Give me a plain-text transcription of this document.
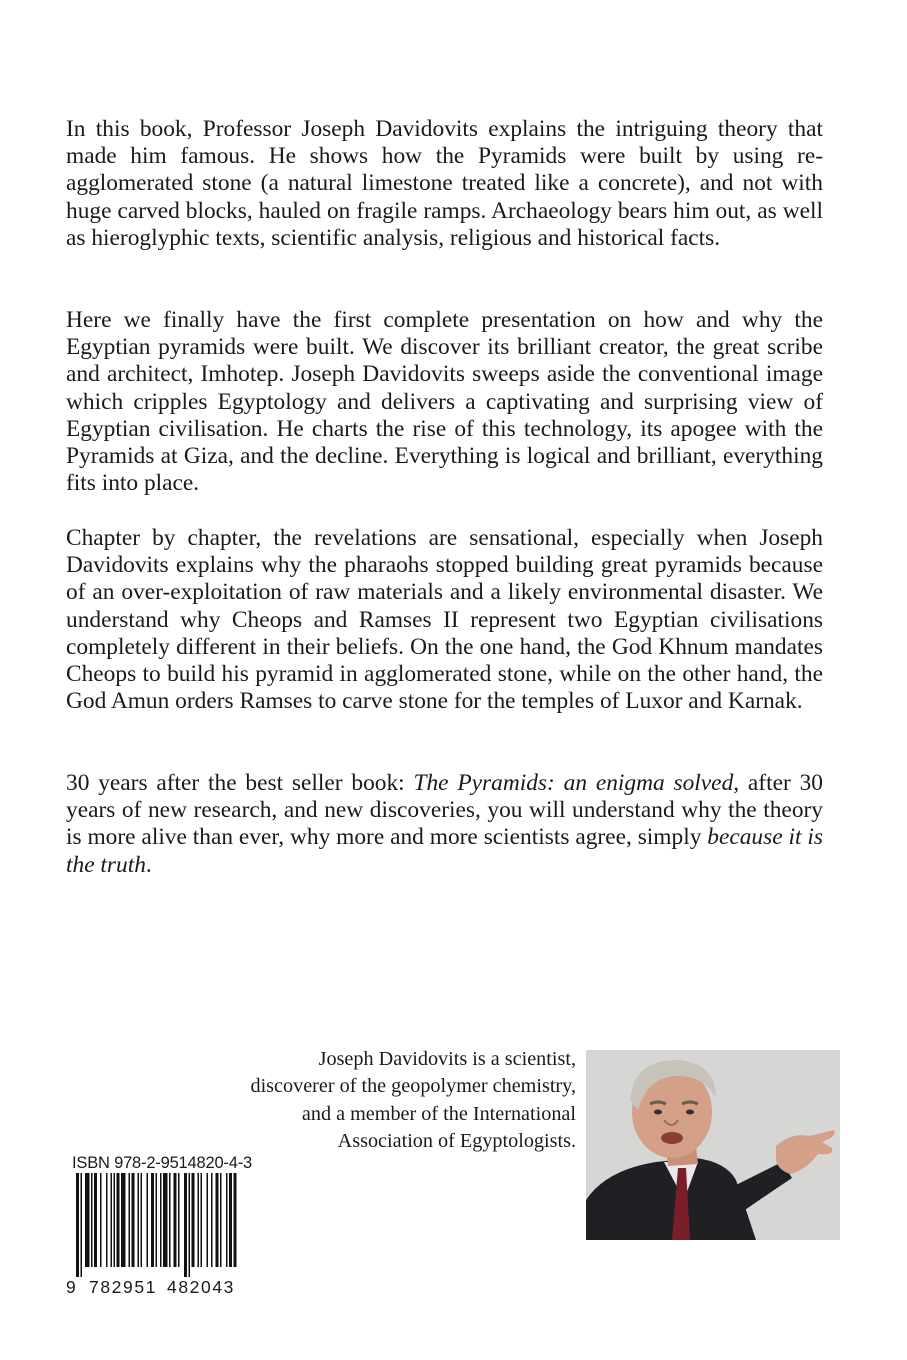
In this book, Professor Joseph Davidovits explains the intriguing theory that made him famous. He shows how the Pyramids were built by using re-agglomerated stone (a natural limestone treated like a concrete), and not with huge carved blocks, hauled on fragile ramps. Archaeology bears him out, as well as hieroglyphic texts, scientific analysis, religious and historical facts.

Here we finally have the first complete presentation on how and why the Egyptian pyramids were built. We discover its brilliant creator, the great scribe and architect, Imhotep. Joseph Davidovits sweeps aside the conventional image which cripples Egyptology and delivers a captivating and surprising view of Egyptian civilisation. He charts the rise of this technology, its apogee with the Pyramids at Giza, and the decline. Everything is logical and brilliant, everything fits into place.

Chapter by chapter, the revelations are sensational, especially when Joseph Davidovits explains why the pharaohs stopped building great pyramids because of an over-exploitation of raw materials and a likely environmental disaster. We understand why Cheops and Ramses II represent two Egyptian civilisations completely different in their beliefs. On the one hand, the God Khnum mandates Cheops to build his pyramid in agglomerated stone, while on the other hand, the God Amun orders Ramses to carve stone for the temples of Luxor and Karnak.

30 years after the best seller book: The Pyramids: an enigma solved, after 30 years of new research, and new discoveries, you will understand why the theory is more alive than ever, why more and more scientists agree, simply because it is the truth.

Joseph Davidovits is a scientist,
discoverer of the geopolymer chemistry,
and a member of the International
Association of Egyptologists.
ISBN 978-2-9514820-4-3
9 782951 482043
